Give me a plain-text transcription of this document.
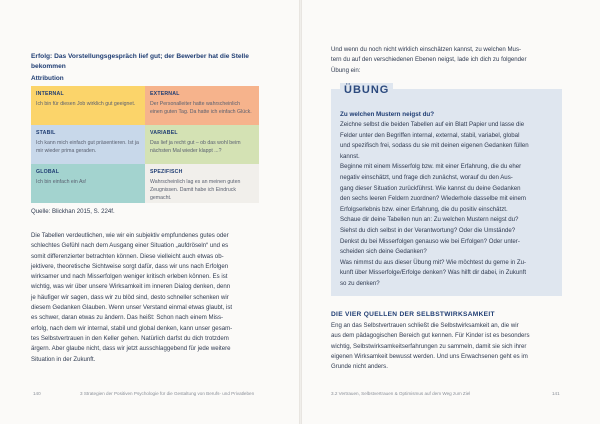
Erfolg: Das Vorstellungsgespräch lief gut; der Bewerber hat die Stelle bekommen

Attribution

INTERNAL
Ich bin für diesen Job wirklich gut geeignet.
EXTERNAL
Der Personalleiter hatte wahrscheinlich einen guten Tag. Da hatte ich einfach Glück.
STABIL
Ich kann mich einfach gut präsentieren. Ist ja mir wieder prima geraden.
VARIABEL
Das lief ja recht gut – ob das wohl beim nächsten Mal wieder klappt ...?
GLOBAL
Ich bin einfach ein As!
SPEZIFISCH
Wahrscheinlich lag es an meinen guten Zeugnissen. Damit habe ich Eindruck gemacht.

Quelle: Blickhan 2015, S. 224f.

Die Tabellen verdeutlichen, wie wir ein subjektiv empfundenes gutes oder

schlechtes Gefühl nach dem Ausgang einer Situation „aufdröseln“ und es

somit differenzierter betrachten können. Diese vielleicht auch etwas ob-

jektivere, theoretische Sichtweise sorgt dafür, dass wir uns nach Erfolgen

wirksamer und nach Misserfolgen weniger kritisch erleben können. Es ist

wichtig, was wir über unsere Wirksamkeit im inneren Dialog denken, denn

je häufiger wir sagen, dass wir zu blöd sind, desto schneller schenken wir

diesem Gedanken Glauben. Wenn unser Verstand einmal etwas glaubt, ist

es schwer, daran etwas zu ändern. Das heißt: Schon nach einem Miss-

erfolg, nach dem wir internal, stabil und global denken, kann unser gesam-

tes Selbstvertrauen in den Keller gehen. Natürlich darfst du dich trotzdem

ärgern. Aber glaube nicht, dass wir jetzt ausschlaggebend für jede weitere

Situation in der Zukunft.

140	3 Strategien der Positiven Psychologie für die Gestaltung von Berufs- und Privatleben

Und wenn du noch nicht wirklich einschätzen kannst, zu welchen Mus-

tern du auf den verschiedenen Ebenen neigst, lade ich dich zu folgender

Übung ein:

ÜBUNG

Zu welchen Mustern neigst du?

Zeichne selbst die beiden Tabellen auf ein Blatt Papier und lasse die

Felder unter den Begriffen internal, external, stabil, variabel, global

und spezifisch frei, sodass du sie mit deinen eigenen Gedanken füllen

kannst.

Beginne mit einem Misserfolg bzw. mit einer Erfahrung, die du eher

negativ einschätzt, und frage dich zunächst, worauf du den Aus-

gang dieser Situation zurückführst. Wie kannst du deine Gedanken

den sechs leeren Feldern zuordnen? Wiederhole dasselbe mit einem

Erfolgserlebnis bzw. einer Erfahrung, die du positiv einschätzt.

Schaue dir deine Tabellen nun an: Zu welchen Mustern neigst du?

Siehst du dich selbst in der Verantwortung? Oder die Umstände?

Denkst du bei Misserfolgen genauso wie bei Erfolgen? Oder unter-

scheiden sich deine Gedanken?

Was nimmst du aus dieser Übung mit? Wie möchtest du gerne in Zu-

kunft über Misserfolge/Erfolge denken? Was hilft dir dabei, in Zukunft

so zu denken?

DIE VIER QUELLEN DER SELBSTWIRKSAMKEIT

Eng an das Selbstvertrauen schließt die Selbstwirksamkeit an, die wir

aus dem pädagogischen Bereich gut kennen. Für Kinder ist es besonders

wichtig, Selbstwirksamkeitserfahrungen zu sammeln, damit sie sich ihrer

eigenen Wirksamkeit bewusst werden. Und uns Erwachsenen geht es im

Grunde nicht anders.

3.2 Vertrauen, Selbstvertrauen & Optimismus auf dem Weg zum Ziel	141
